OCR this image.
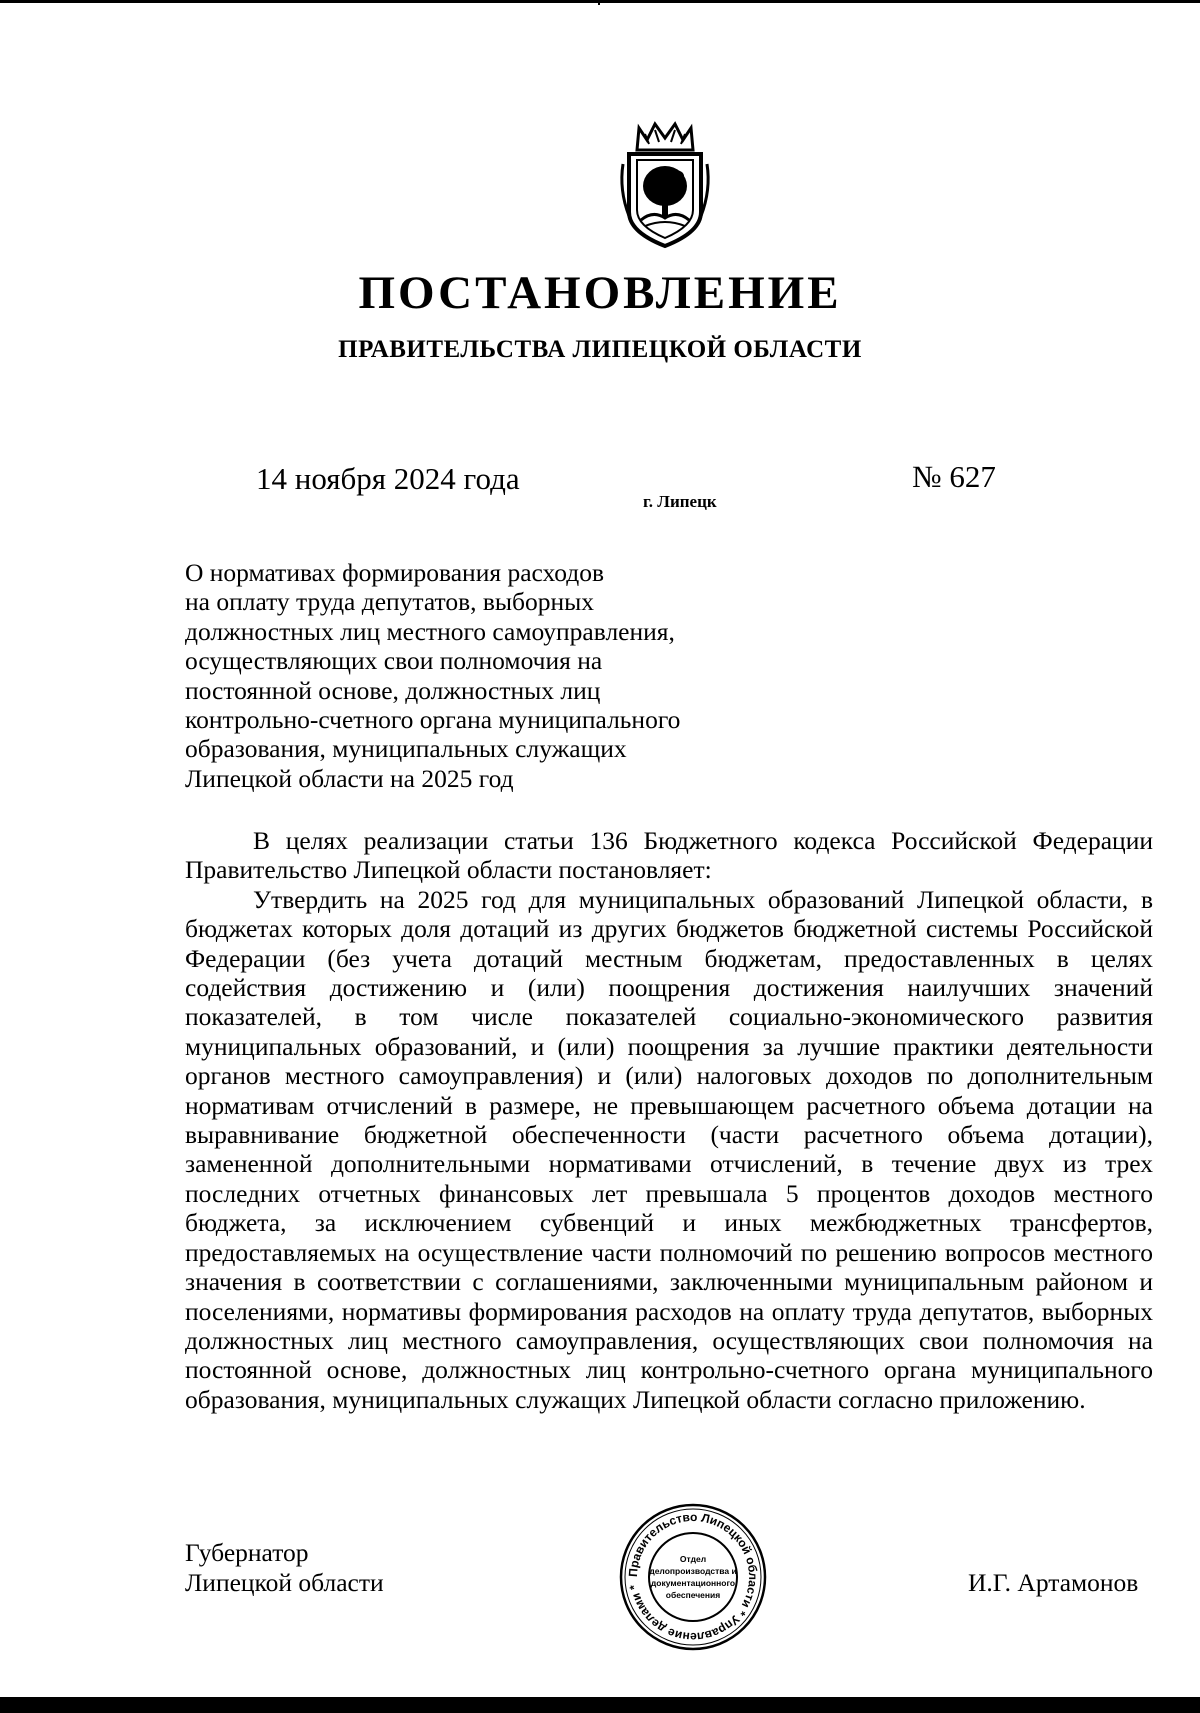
ПОСТАНОВЛЕНИЕ
ПРАВИТЕЛЬСТВА ЛИПЕЦКОЙ ОБЛАСТИ
14 ноября 2024 года
г. Липецк
№ 627
О нормативах формирования расходов
на оплату труда депутатов, выборных
должностных лиц местного самоуправления,
осуществляющих свои полномочия на
постоянной основе, должностных лиц
контрольно-счетного органа муниципального
образования, муниципальных служащих
Липецкой области на 2025 год

В целях реализации статьи 136 Бюджетного кодекса Российской Федерации Правительство Липецкой области постановляет:

Утвердить на 2025 год для муниципальных образований Липецкой области, в бюджетах которых доля дотаций из других бюджетов бюджетной системы Российской Федерации (без учета дотаций местным бюджетам, предоставленных в целях содействия достижению и (или) поощрения достижения наилучших значений показателей, в том числе показателей социально-экономического развития муниципальных образований, и (или) поощрения за лучшие практики деятельности органов местного самоуправления) и (или) налоговых доходов по дополнительным нормативам отчислений в размере, не превышающем расчетного объема дотации на выравнивание бюджетной обеспеченности (части расчетного объема дотации), замененной дополнительными нормативами отчислений, в течение двух из трех последних отчетных финансовых лет превышала 5 процентов доходов местного бюджета, за исключением субвенций и иных межбюджетных трансфертов, предоставляемых на осуществление части полномочий по решению вопросов местного значения в соответствии с соглашениями, заключенными муниципальным районом и поселениями, нормативы формирования расходов на оплату труда депутатов, выборных должностных лиц местного самоуправления, осуществляющих свои полномочия на постоянной основе, должностных лиц контрольно-счетного органа муниципального образования, муниципальных служащих Липецкой области согласно приложению.

Губернатор
Липецкой области	Правительство Липецкой области * Управление делами *
Отдел
делопроизводства и
документационного
обеспечения	И.Г. Артамонов
